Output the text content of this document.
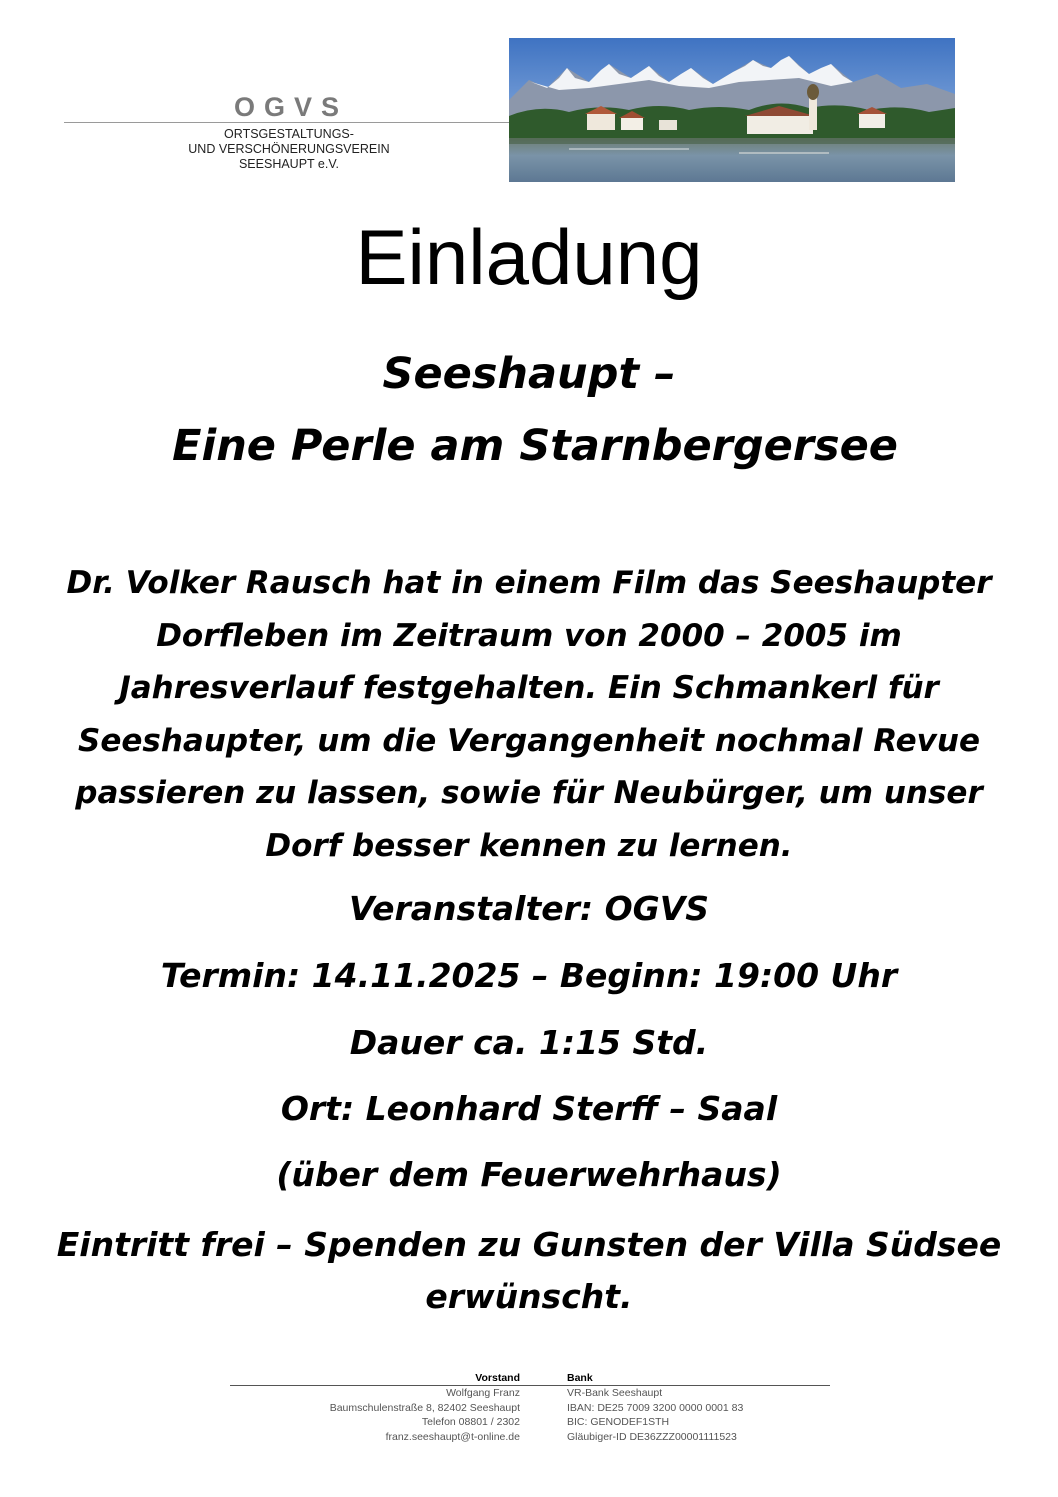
OGVS
ORTSGESTALTUNGS-
UND VERSCHÖNERUNGSVEREIN
SEESHAUPT e.V.
Einladung
Seeshaupt –
Eine Perle am Starnbergersee
Dr. Volker Rausch hat in einem Film das Seeshaupter
Dorfleben im Zeitraum von 2000 – 2005 im
Jahresverlauf festgehalten. Ein Schmankerl für
Seeshaupter, um die Vergangenheit nochmal Revue
passieren zu lassen, sowie für Neubürger, um unser
Dorf besser kennen zu lernen.
Veranstalter: OGVS
Termin: 14.11.2025 – Beginn: 19:00 Uhr
Dauer ca. 1:15 Std.
Ort: Leonhard Sterff – Saal
(über dem Feuerwehrhaus)
Eintritt frei – Spenden zu Gunsten der Villa Südsee
erwünscht.
Vorstand
Wolfgang Franz
Baumschulenstraße 8, 82402 Seeshaupt
Telefon 08801 / 2302
franz.seeshaupt@t-online.de
Bank
VR-Bank Seeshaupt
IBAN: DE25 7009 3200 0000 0001 83
BIC: GENODEF1STH
Gläubiger-ID DE36ZZZ00001111523
